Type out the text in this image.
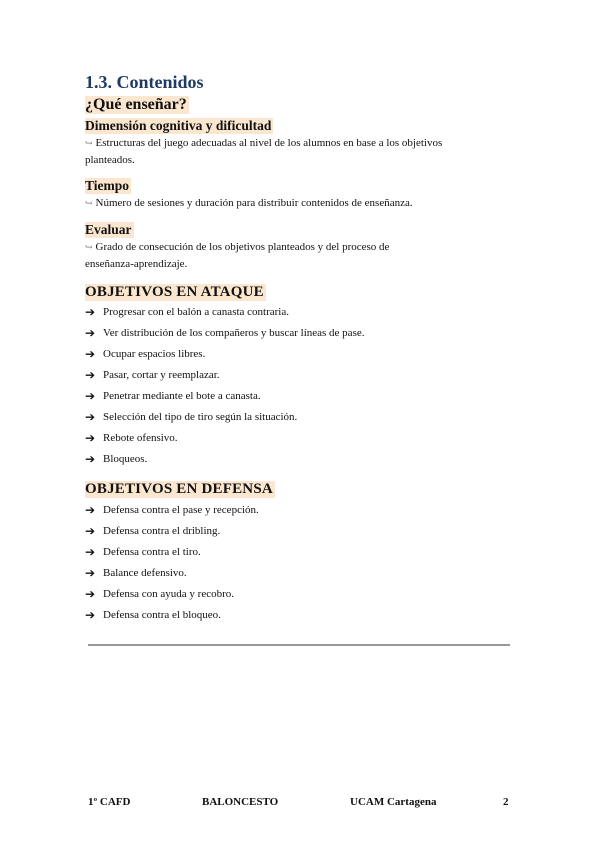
1.3. Contenidos
¿Qué enseñar?
Dimensión cognitiva y dificultad
↪ Estructuras del juego adecuadas al nivel de los alumnos en base a los objetivos
planteados.
Tiempo
↪ Número de sesiones y duración para distribuir contenidos de enseñanza.
Evaluar
↪ Grado de consecución de los objetivos planteados y del proceso de
enseñanza-aprendizaje.
OBJETIVOS EN ATAQUE
➔ Progresar con el balón a canasta contraria.
➔ Ver distribución de los compañeros y buscar líneas de pase.
➔ Ocupar espacios libres.
➔ Pasar, cortar y reemplazar.
➔ Penetrar mediante el bote a canasta.
➔ Selección del tipo de tiro según la situación.
➔ Rebote ofensivo.
➔ Bloqueos.
OBJETIVOS EN DEFENSA
➔ Defensa contra el pase y recepción.
➔ Defensa contra el dribling.
➔ Defensa contra el tiro.
➔ Balance defensivo.
➔ Defensa con ayuda y recobro.
➔ Defensa contra el bloqueo.
1º CAFD	BALONCESTO	UCAM Cartagena	2
